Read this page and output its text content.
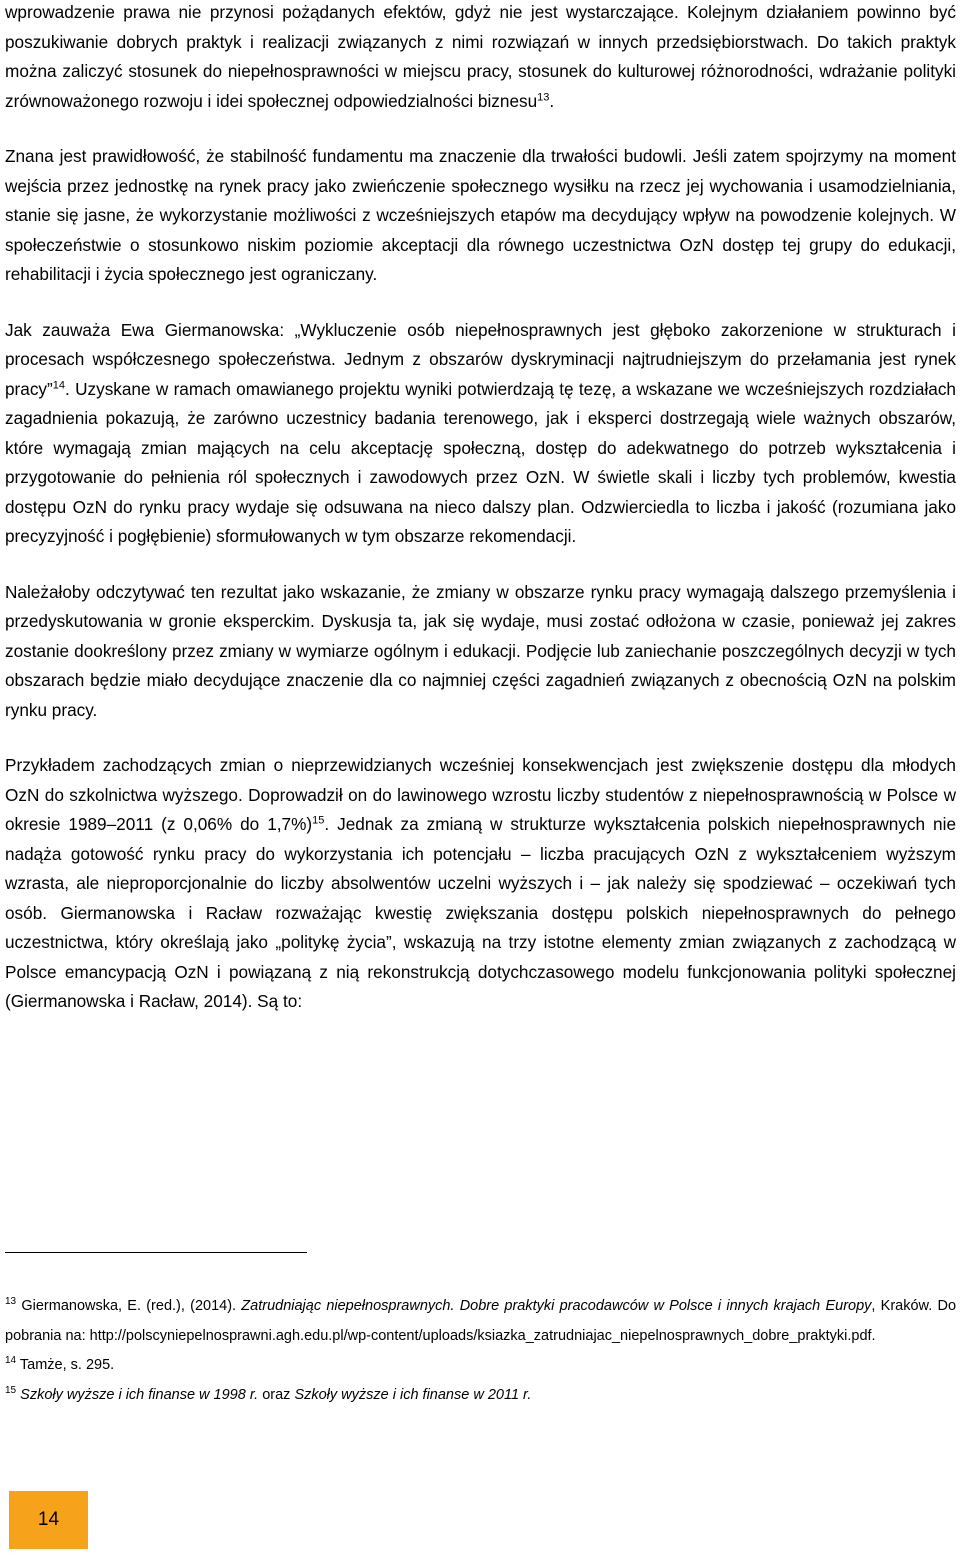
wprowadzenie prawa nie przynosi pożądanych efektów, gdyż nie jest wystarczające. Kolejnym działaniem powinno być poszukiwanie dobrych praktyk i realizacji związanych z nimi rozwiązań w innych przedsiębiorstwach. Do takich praktyk można zaliczyć stosunek do niepełnosprawności w miejscu pracy, stosunek do kulturowej różnorodności, wdrażanie polityki zrównoważonego rozwoju i idei społecznej odpowiedzialności biznesu$^{13}$.

Znana jest prawidłowość, że stabilność fundamentu ma znaczenie dla trwałości budowli. Jeśli zatem spojrzymy na moment wejścia przez jednostkę na rynek pracy jako zwieńczenie społecznego wysiłku na rzecz jej wychowania i usamodzielniania, stanie się jasne, że wykorzystanie możliwości z wcześniejszych etapów ma decydujący wpływ na powodzenie kolejnych. W społeczeństwie o stosunkowo niskim poziomie akceptacji dla równego uczestnictwa OzN dostęp tej grupy do edukacji, rehabilitacji i życia społecznego jest ograniczany.

Jak zauważa Ewa Giermanowska: „Wykluczenie osób niepełnosprawnych jest głęboko zakorzenione w strukturach i procesach współczesnego społeczeństwa. Jednym z obszarów dyskryminacji najtrudniejszym do przełamania jest rynek pracy”$^{14}$. Uzyskane w ramach omawianego projektu wyniki potwierdzają tę tezę, a wskazane we wcześniejszych rozdziałach zagadnienia pokazują, że zarówno uczestnicy badania terenowego, jak i eksperci dostrzegają wiele ważnych obszarów, które wymagają zmian mających na celu akceptację społeczną, dostęp do adekwatnego do potrzeb wykształcenia i przygotowanie do pełnienia ról społecznych i zawodowych przez OzN. W świetle skali i liczby tych problemów, kwestia dostępu OzN do rynku pracy wydaje się odsuwana na nieco dalszy plan. Odzwierciedla to liczba i jakość (rozumiana jako precyzyjność i pogłębienie) sformułowanych w tym obszarze rekomendacji.

Należałoby odczytywać ten rezultat jako wskazanie, że zmiany w obszarze rynku pracy wymagają dalszego przemyślenia i przedyskutowania w gronie eksperckim. Dyskusja ta, jak się wydaje, musi zostać odłożona w czasie, ponieważ jej zakres zostanie dookreślony przez zmiany w wymiarze ogólnym i edukacji. Podjęcie lub zaniechanie poszczególnych decyzji w tych obszarach będzie miało decydujące znaczenie dla co najmniej części zagadnień związanych z obecnością OzN na polskim rynku pracy.

Przykładem zachodzących zmian o nieprzewidzianych wcześniej konsekwencjach jest zwiększenie dostępu dla młodych OzN do szkolnictwa wyższego. Doprowadził on do lawinowego wzrostu liczby studentów z niepełnosprawnością w Polsce w okresie 1989–2011 (z 0,06% do 1,7%)$^{15}$. Jednak za zmianą w strukturze wykształcenia polskich niepełnosprawnych nie nadąża gotowość rynku pracy do wykorzystania ich potencjału – liczba pracujących OzN z wykształceniem wyższym wzrasta, ale nieproporcjonalnie do liczby absolwentów uczelni wyższych i – jak należy się spodziewać – oczekiwań tych osób. Giermanowska i Racław rozważając kwestię zwiększania dostępu polskich niepełnosprawnych do pełnego uczestnictwa, który określają jako „politykę życia”, wskazują na trzy istotne elementy zmian związanych z zachodzącą w Polsce emancypacją OzN i powiązaną z nią rekonstrukcją dotychczasowego modelu funkcjonowania polityki społecznej (Giermanowska i Racław, 2014). Są to:

$^{13}$ Giermanowska, E. (red.), (2014). Zatrudniając niepełnosprawnych. Dobre praktyki pracodawców w Polsce i innych krajach Europy, Kraków. Do pobrania na: http://polscyniepelnosprawni.agh.edu.pl/wp-content/uploads/ksiazka_zatrudniajac_niepelnosprawnych_dobre_praktyki.pdf.

$^{14}$ Tamże, s. 295.

$^{15}$ Szkoły wyższe i ich finanse w 1998 r. oraz Szkoły wyższe i ich finanse w 2011 r.

14
